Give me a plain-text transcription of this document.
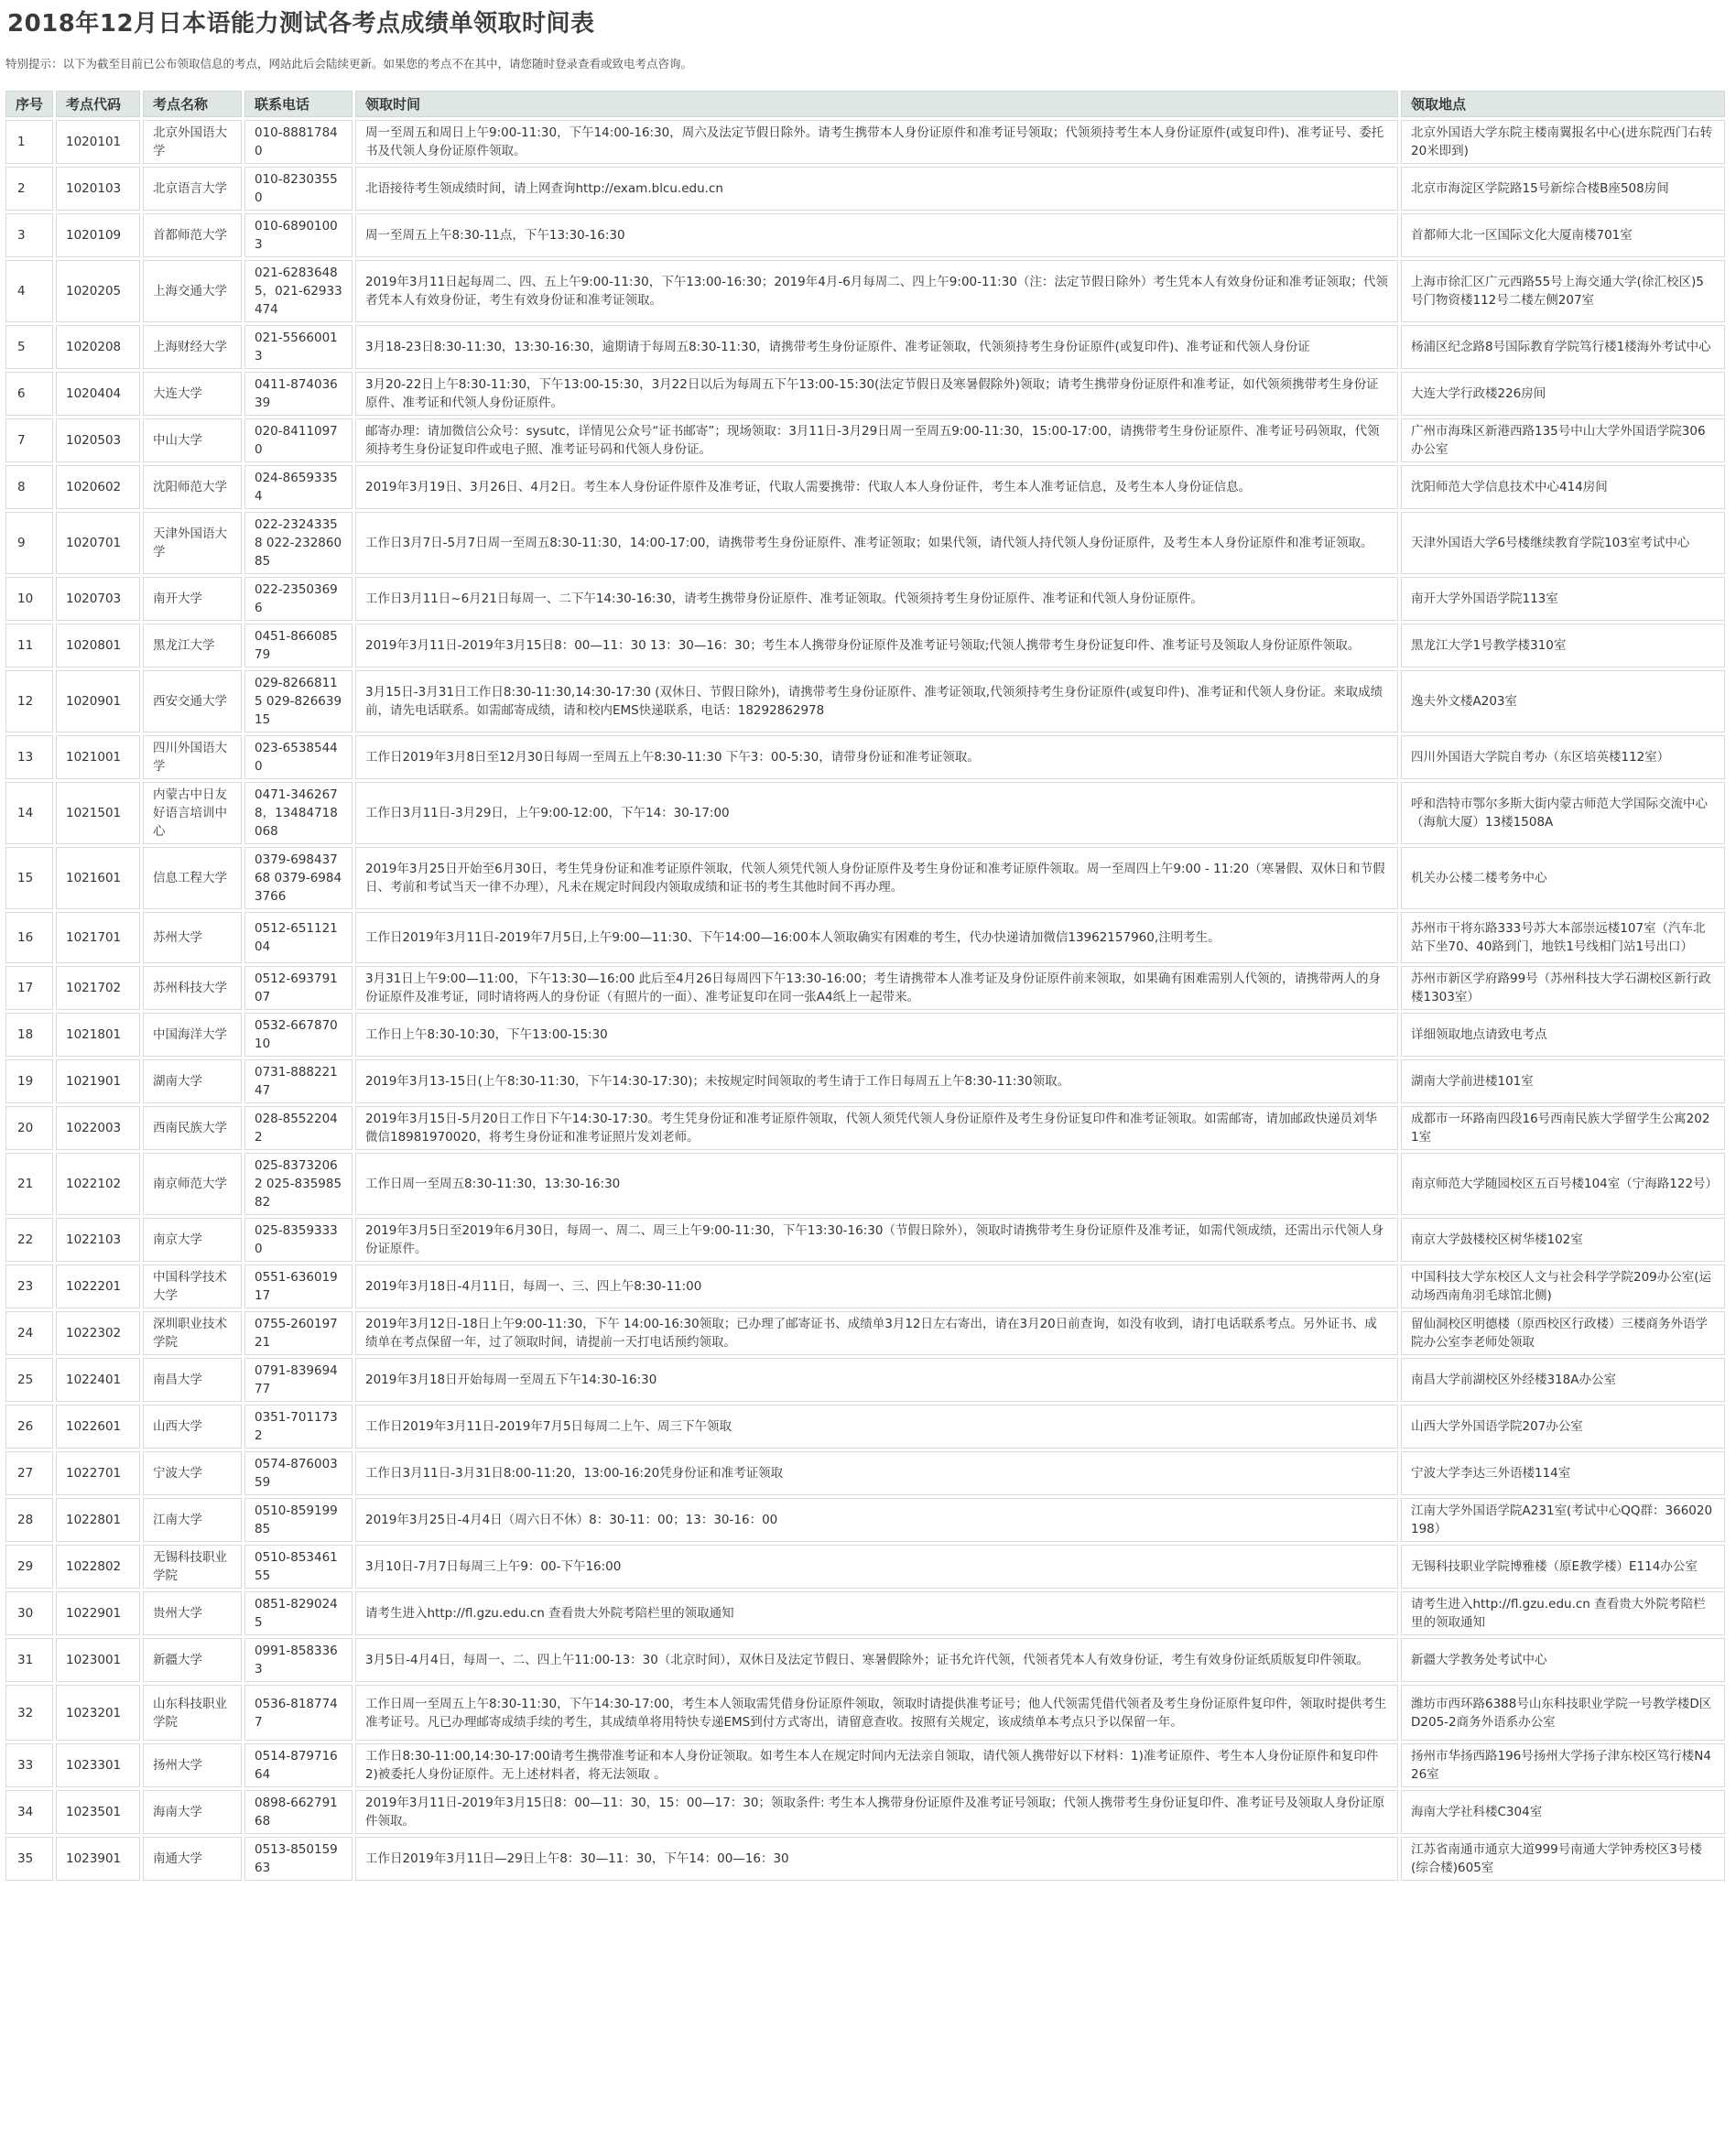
2018年12月日本语能力测试各考点成绩单领取时间表
特别提示：以下为截至目前已公布领取信息的考点，网站此后会陆续更新。如果您的考点不在其中，请您随时登录查看或致电考点咨询。
序号	考点代码	考点名称	联系电话	领取时间	领取地点
1	1020101	北京外国语大学	010-88817840	周一至周五和周日上午9:00-11:30，下午14:00-16:30，周六及法定节假日除外。请考生携带本人身份证原件和准考证号领取；代领须持考生本人身份证原件(或复印件)、准考证号、委托书及代领人身份证原件领取。	北京外国语大学东院主楼南翼报名中心(进东院西门右转20米即到)
2	1020103	北京语言大学	010-82303550	北语接待考生领成绩时间，请上网查询http://exam.blcu.edu.cn	北京市海淀区学院路15号新综合楼B座508房间
3	1020109	首都师范大学	010-68901003	周一至周五上午8:30-11点，下午13:30-16:30	首都师大北一区国际文化大厦南楼701室
4	1020205	上海交通大学	021-62836485，021-62933474	2019年3月11日起每周二、四、五上午9:00-11:30，下午13:00-16:30；2019年4月-6月每周二、四上午9:00-11:30（注：法定节假日除外）考生凭本人有效身份证和准考证领取；代领者凭本人有效身份证，考生有效身份证和准考证领取。	上海市徐汇区广元西路55号上海交通大学(徐汇校区)5号门物资楼112号二楼左侧207室
5	1020208	上海财经大学	021-55660013	3月18-23日8:30-11:30，13:30-16:30，逾期请于每周五8:30-11:30，请携带考生身份证原件、准考证领取，代领须持考生身份证原件(或复印件)、准考证和代领人身份证	杨浦区纪念路8号国际教育学院笃行楼1楼海外考试中心
6	1020404	大连大学	0411-87403639	3月20-22日上午8:30-11:30，下午13:00-15:30，3月22日以后为每周五下午13:00-15:30(法定节假日及寒暑假除外)领取；请考生携带身份证原件和准考证，如代领须携带考生身份证原件、准考证和代领人身份证原件。	大连大学行政楼226房间
7	1020503	中山大学	020-84110970	邮寄办理：请加微信公众号：sysutc，详情见公众号“证书邮寄”；现场领取：3月11日-3月29日周一至周五9:00-11:30，15:00-17:00，请携带考生身份证原件、准考证号码领取，代领须持考生身份证复印件或电子照、准考证号码和代领人身份证。	广州市海珠区新港西路135号中山大学外国语学院306办公室
8	1020602	沈阳师范大学	024-86593354	2019年3月19日、3月26日、4月2日。考生本人身份证件原件及准考证，代取人需要携带：代取人本人身份证件，考生本人准考证信息，及考生本人身份证信息。	沈阳师范大学信息技术中心414房间
9	1020701	天津外国语大学	022-23243358 022-23286085	工作日3月7日-5月7日周一至周五8:30-11:30，14:00-17:00，请携带考生身份证原件、准考证领取；如果代领，请代领人持代领人身份证原件，及考生本人身份证原件和准考证领取。	天津外国语大学6号楼继续教育学院103室考试中心
10	1020703	南开大学	022-23503696	工作日3月11日~6月21日每周一、二下午14:30-16:30，请考生携带身份证原件、准考证领取。代领须持考生身份证原件、准考证和代领人身份证原件。	南开大学外国语学院113室
11	1020801	黑龙江大学	0451-86608579	2019年3月11日-2019年3月15日8：00—11：30 13：30—16：30；考生本人携带身份证原件及准考证号领取;代领人携带考生身份证复印件、准考证号及领取人身份证原件领取。	黑龙江大学1号教学楼310室
12	1020901	西安交通大学	029-82668115 029-82663915	3月15日-3月31日工作日8:30-11:30,14:30-17:30 (双休日、节假日除外)，请携带考生身份证原件、准考证领取,代领须持考生身份证原件(或复印件)、准考证和代领人身份证。来取成绩前，请先电话联系。如需邮寄成绩，请和校内EMS快递联系，电话：18292862978	逸夫外文楼A203室
13	1021001	四川外国语大学	023-65385440	工作日2019年3月8日至12月30日每周一至周五上午8:30-11:30 下午3：00-5:30，请带身份证和准考证领取。	四川外国语大学院自考办（东区培英楼112室）
14	1021501	内蒙古中日友好语言培训中心	0471-3462678，13484718068	工作日3月11日-3月29日，上午9:00-12:00，下午14：30-17:00	呼和浩特市鄂尔多斯大街内蒙古师范大学国际交流中心（海航大厦）13楼1508A
15	1021601	信息工程大学	0379-69843768 0379-69843766	2019年3月25日开始至6月30日，考生凭身份证和准考证原件领取，代领人须凭代领人身份证原件及考生身份证和准考证原件领取。周一至周四上午9:00 - 11:20（寒暑假、双休日和节假日、考前和考试当天一律不办理），凡未在规定时间段内领取成绩和证书的考生其他时间不再办理。	机关办公楼二楼考务中心
16	1021701	苏州大学	0512-65112104	工作日2019年3月11日-2019年7月5日,上午9:00—11:30、下午14:00—16:00本人领取确实有困难的考生，代办快递请加微信13962157960,注明考生。	苏州市干将东路333号苏大本部崇远楼107室（汽车北站下坐70、40路到门，地铁1号线相门站1号出口）
17	1021702	苏州科技大学	0512-69379107	3月31日上午9:00—11:00，下午13:30—16:00 此后至4月26日每周四下午13:30-16:00；考生请携带本人准考证及身份证原件前来领取，如果确有困难需别人代领的，请携带两人的身份证原件及准考证，同时请将两人的身份证（有照片的一面）、准考证复印在同一张A4纸上一起带来。	苏州市新区学府路99号（苏州科技大学石湖校区新行政楼1303室）
18	1021801	中国海洋大学	0532-66787010	工作日上午8:30-10:30，下午13:00-15:30	详细领取地点请致电考点
19	1021901	湖南大学	0731-88822147	2019年3月13-15日(上午8:30-11:30，下午14:30-17:30)；未按规定时间领取的考生请于工作日每周五上午8:30-11:30领取。	湖南大学前进楼101室
20	1022003	西南民族大学	028-85522042	2019年3月15日-5月20日工作日下午14:30-17:30。考生凭身份证和准考证原件领取，代领人须凭代领人身份证原件及考生身份证复印件和准考证领取。如需邮寄，请加邮政快递员刘华微信18981970020，将考生身份证和准考证照片发刘老师。	成都市一环路南四段16号西南民族大学留学生公寓2021室
21	1022102	南京师范大学	025-83732062 025-83598582	工作日周一至周五8:30-11:30，13:30-16:30	南京师范大学随园校区五百号楼104室（宁海路122号）
22	1022103	南京大学	025-83593330	2019年3月5日至2019年6月30日，每周一、周二、周三上午9:00-11:30，下午13:30-16:30（节假日除外），领取时请携带考生身份证原件及准考证，如需代领成绩，还需出示代领人身份证原件。	南京大学鼓楼校区树华楼102室
23	1022201	中国科学技术大学	0551-63601917	2019年3月18日-4月11日，每周一、三、四上午8:30-11:00	中国科技大学东校区人文与社会科学学院209办公室(运动场西南角羽毛球馆北侧)
24	1022302	深圳职业技术学院	0755-26019721	2019年3月12日-18日上午9:00-11:30，下午 14:00-16:30领取；已办理了邮寄证书、成绩单3月12日左右寄出，请在3月20日前查询，如没有收到，请打电话联系考点。另外证书、成绩单在考点保留一年，过了领取时间，请提前一天打电话预约领取。	留仙洞校区明德楼（原西校区行政楼）三楼商务外语学院办公室李老师处领取
25	1022401	南昌大学	0791-83969477	2019年3月18日开始每周一至周五下午14:30-16:30	南昌大学前湖校区外经楼318A办公室
26	1022601	山西大学	0351-7011732	工作日2019年3月11日-2019年7月5日每周二上午、周三下午领取	山西大学外国语学院207办公室
27	1022701	宁波大学	0574-87600359	工作日3月11日-3月31日8:00-11:20，13:00-16:20凭身份证和准考证领取	宁波大学李达三外语楼114室
28	1022801	江南大学	0510-85919985	2019年3月25日-4月4日（周六日不休）8：30-11：00；13：30-16：00	江南大学外国语学院A231室(考试中心QQ群：366020198）
29	1022802	无锡科技职业学院	0510-85346155	3月10日-7月7日每周三上午9：00-下午16:00	无锡科技职业学院博雅楼（原E教学楼）E114办公室
30	1022901	贵州大学	0851-8290245	请考生进入http://fl.gzu.edu.cn 查看贵大外院考陪栏里的领取通知	请考生进入http://fl.gzu.edu.cn 查看贵大外院考陪栏里的领取通知
31	1023001	新疆大学	0991-8583363	3月5日-4月4日，每周一、二、四上午11:00-13：30（北京时间），双休日及法定节假日、寒暑假除外；证书允许代领，代领者凭本人有效身份证，考生有效身份证纸质版复印件领取。	新疆大学教务处考试中心
32	1023201	山东科技职业学院	0536-8187747	工作日周一至周五上午8:30-11:30，下午14:30-17:00，考生本人领取需凭借身份证原件领取，领取时请提供准考证号；他人代领需凭借代领者及考生身份证原件复印件，领取时提供考生准考证号。凡已办理邮寄成绩手续的考生，其成绩单将用特快专递EMS到付方式寄出，请留意查收。按照有关规定，该成绩单本考点只予以保留一年。	潍坊市西环路6388号山东科技职业学院一号教学楼D区D205-2商务外语系办公室
33	1023301	扬州大学	0514-87971664	工作日8:30-11:00,14:30-17:00请考生携带准考证和本人身份证领取。如考生本人在规定时间内无法亲自领取，请代领人携带好以下材料：1)准考证原件、考生本人身份证原件和复印件 2)被委托人身份证原件。无上述材料者，将无法领取 。	扬州市华扬西路196号扬州大学扬子津东校区笃行楼N426室
34	1023501	海南大学	0898-66279168	2019年3月11日-2019年3月15日8：00—11：30，15：00—17：30；领取条件: 考生本人携带身份证原件及准考证号领取；代领人携带考生身份证复印件、准考证号及领取人身份证原件领取。	海南大学社科楼C304室
35	1023901	南通大学	0513-85015963	工作日2019年3月11日—29日上午8：30—11：30，下午14：00—16：30	江苏省南通市通京大道999号南通大学钟秀校区3号楼(综合楼)605室
